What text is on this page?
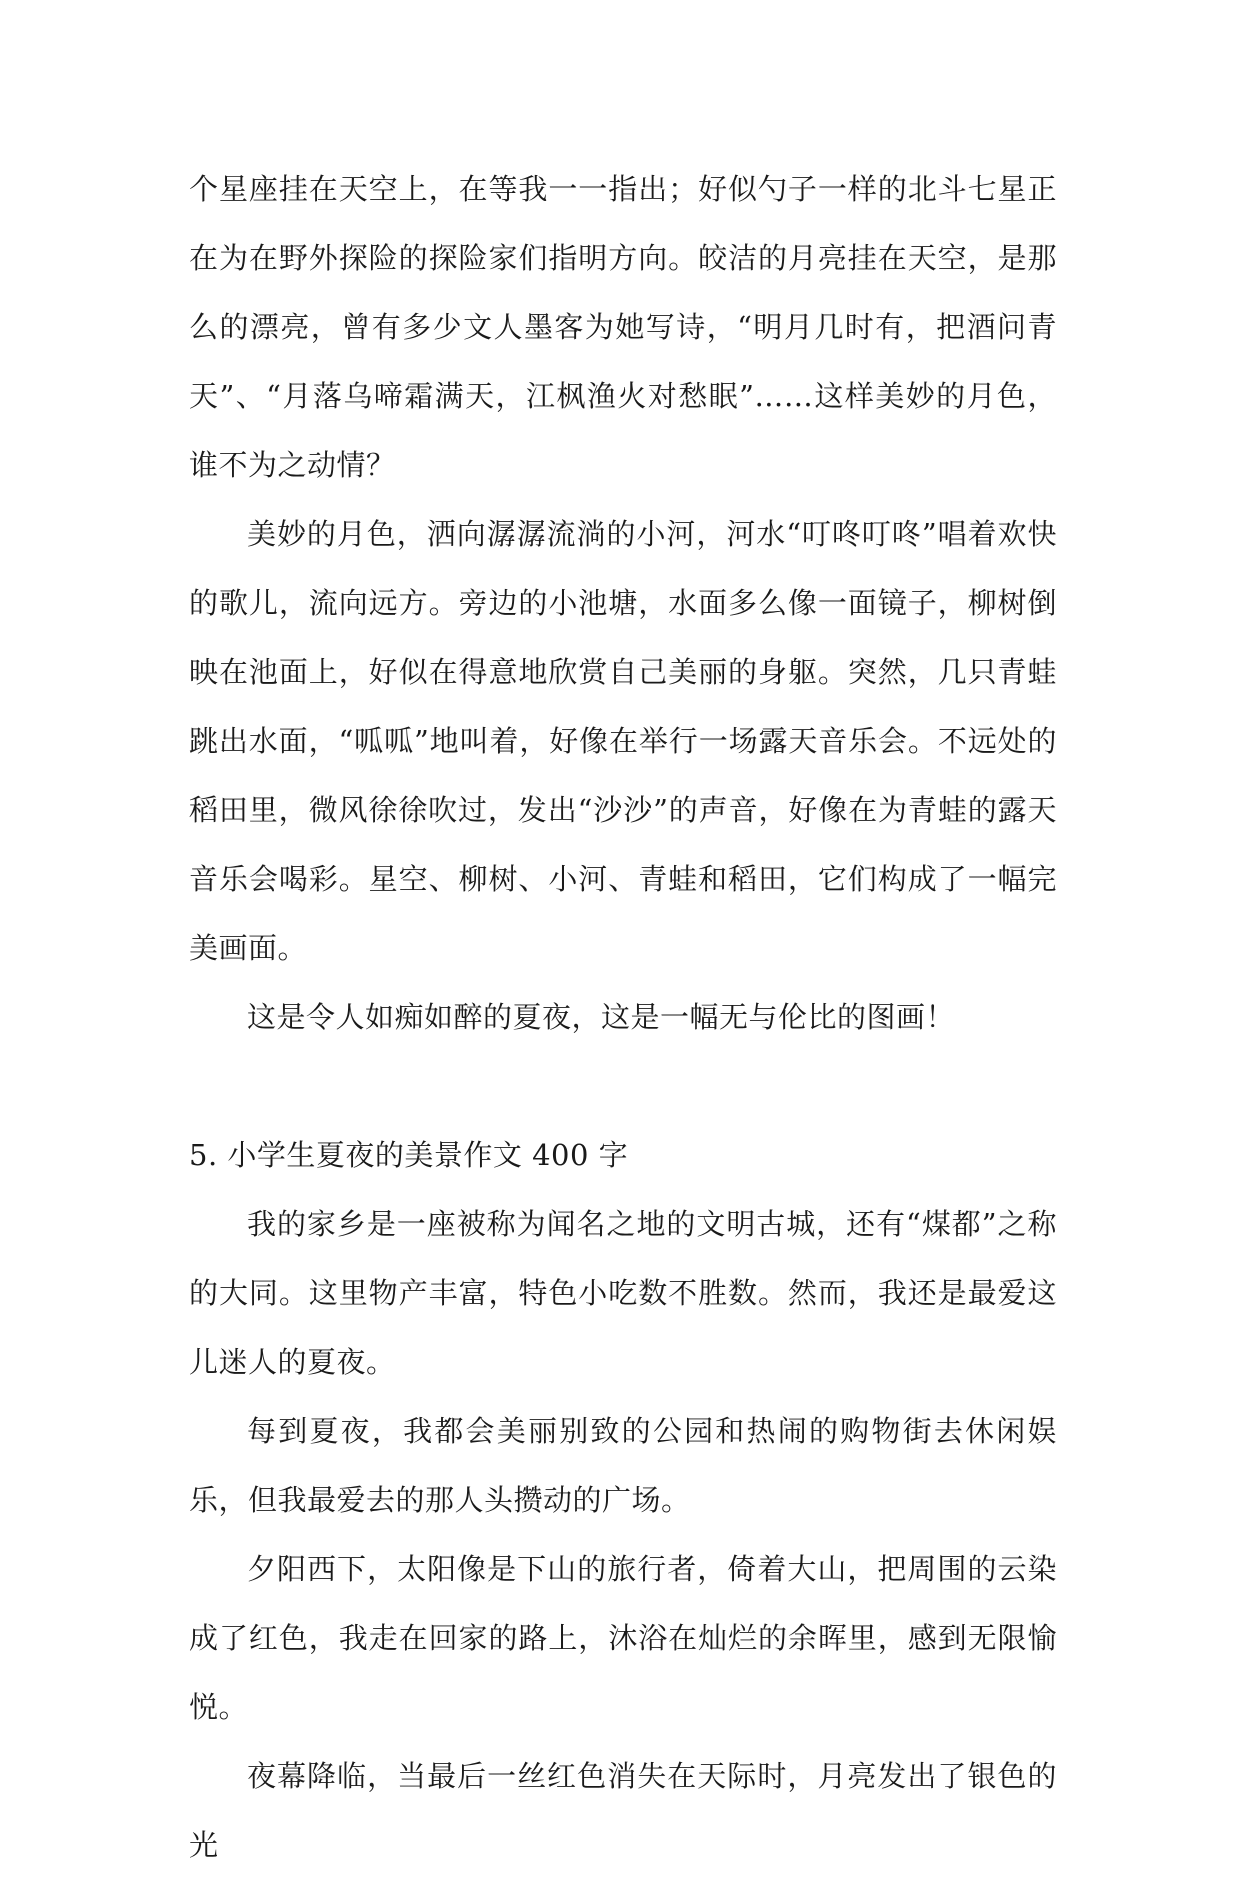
个星座挂在天空上，在等我一一指出；好似勺子一样的北斗七星正在为在野外探险的探险家们指明方向。皎洁的月亮挂在天空，是那么的漂亮，曾有多少文人墨客为她写诗，“明月几时有，把酒问青天”、“月落乌啼霜满天，江枫渔火对愁眠”……这样美妙的月色，谁不为之动情？

美妙的月色，洒向潺潺流淌的小河，河水“叮咚叮咚”唱着欢快的歌儿，流向远方。旁边的小池塘，水面多么像一面镜子，柳树倒映在池面上，好似在得意地欣赏自己美丽的身躯。突然，几只青蛙跳出水面，“呱呱”地叫着，好像在举行一场露天音乐会。不远处的稻田里，微风徐徐吹过，发出“沙沙”的声音，好像在为青蛙的露天音乐会喝彩。星空、柳树、小河、青蛙和稻田，它们构成了一幅完美画面。

这是令人如痴如醉的夏夜，这是一幅无与伦比的图画！

5. 小学生夏夜的美景作文 400 字

我的家乡是一座被称为闻名之地的文明古城，还有“煤都”之称的大同。这里物产丰富，特色小吃数不胜数。然而，我还是最爱这儿迷人的夏夜。

每到夏夜，我都会美丽别致的公园和热闹的购物街去休闲娱乐，但我最爱去的那人头攒动的广场。

夕阳西下，太阳像是下山的旅行者，倚着大山，把周围的云染成了红色，我走在回家的路上，沐浴在灿烂的余晖里，感到无限愉悦。

夜幕降临，当最后一丝红色消失在天际时，月亮发出了银色的光
